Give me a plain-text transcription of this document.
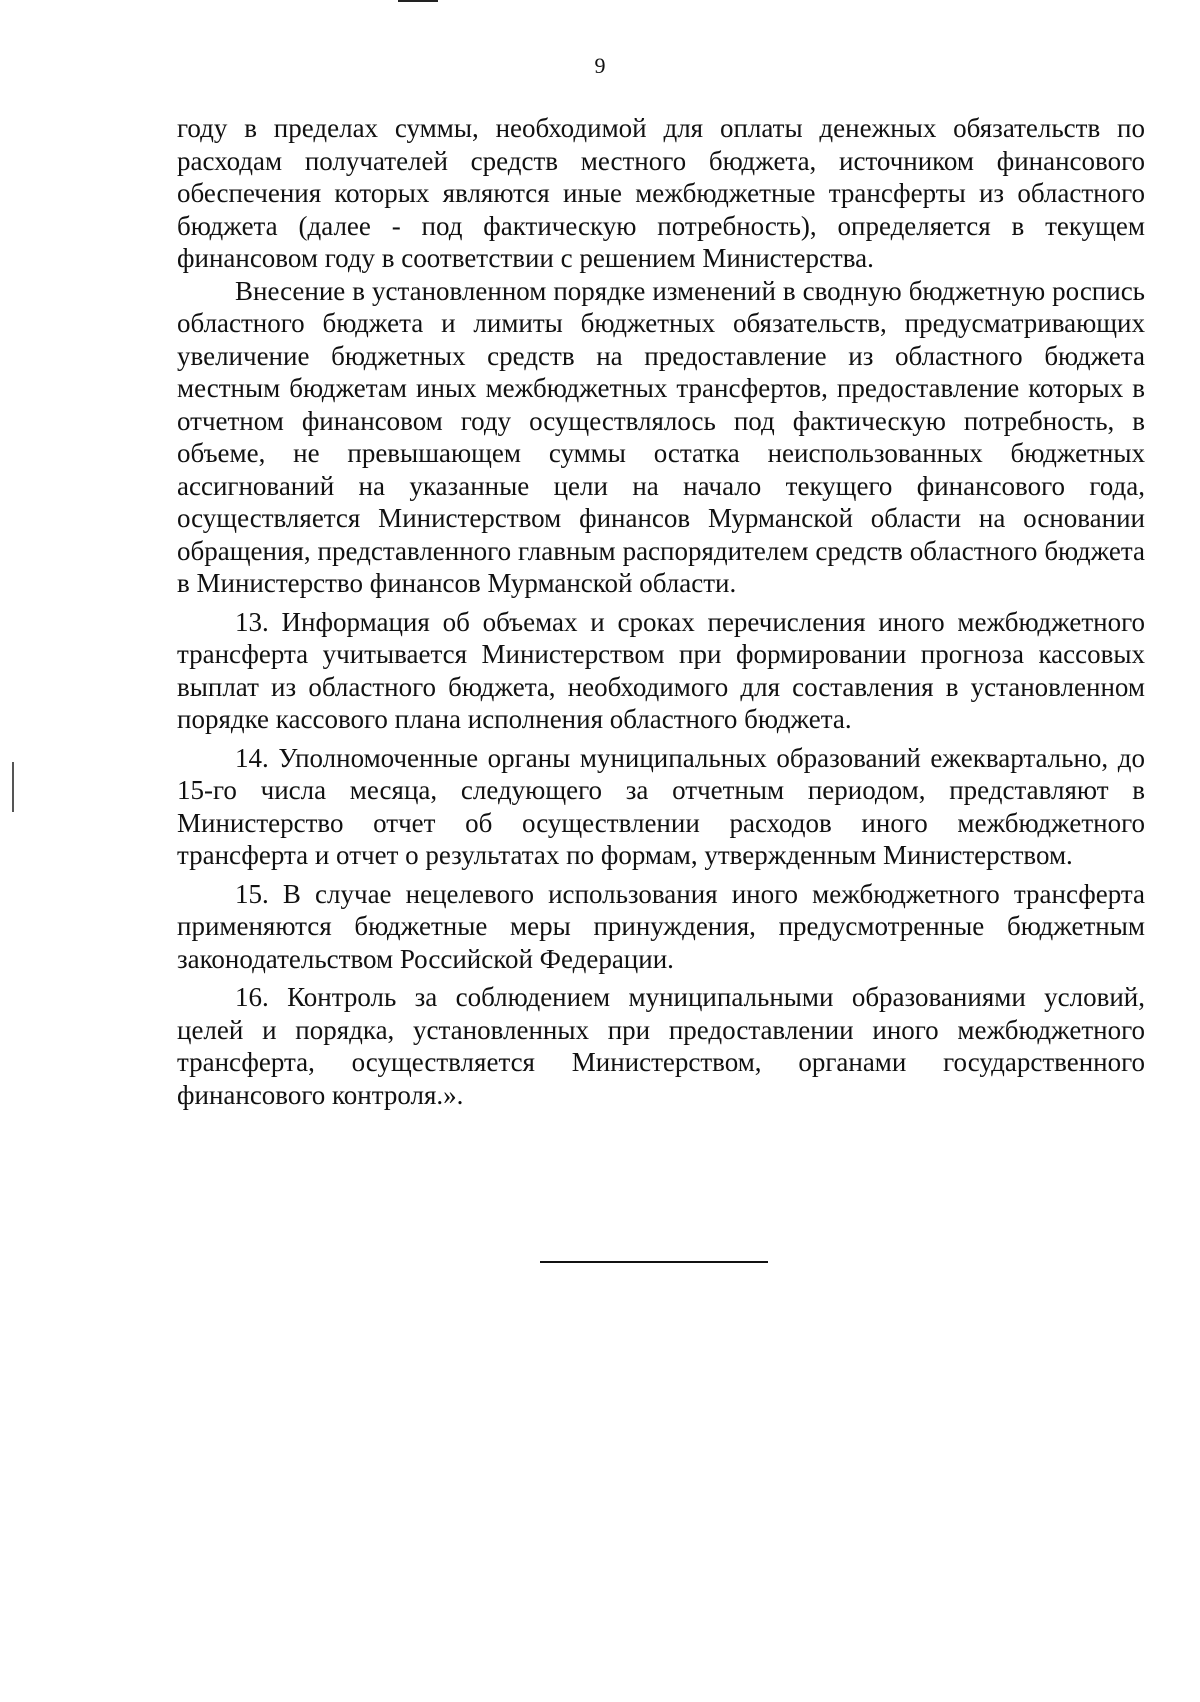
9

году в пределах суммы, необходимой для оплаты денежных обязательств по расходам получателей средств местного бюджета, источником финансового обеспечения которых являются иные межбюджетные трансферты из областного бюджета (далее - под фактическую потребность), определяется в текущем финансовом году в соответствии с решением Министерства.

Внесение в установленном порядке изменений в сводную бюджетную роспись областного бюджета и лимиты бюджетных обязательств, предусматривающих увеличение бюджетных средств на предоставление из областного бюджета местным бюджетам иных межбюджетных трансфертов, предоставление которых в отчетном финансовом году осуществлялось под фактическую потребность, в объеме, не превышающем суммы остатка неиспользованных бюджетных ассигнований на указанные цели на начало текущего финансового года, осуществляется Министерством финансов Мурманской области на основании обращения, представленного главным распорядителем средств областного бюджета в Министерство финансов Мурманской области.

13. Информация об объемах и сроках перечисления иного межбюджетного трансферта учитывается Министерством при формировании прогноза кассовых выплат из областного бюджета, необходимого для составления в установленном порядке кассового плана исполнения областного бюджета.

14. Уполномоченные органы муниципальных образований ежеквартально, до 15-го числа месяца, следующего за отчетным периодом, представляют в Министерство отчет об осуществлении расходов иного межбюджетного трансферта и отчет о результатах по формам, утвержденным Министерством.

15. В случае нецелевого использования иного межбюджетного трансферта применяются бюджетные меры принуждения, предусмотренные бюджетным законодательством Российской Федерации.

16. Контроль за соблюдением муниципальными образованиями условий, целей и порядка, установленных при предоставлении иного межбюджетного трансферта, осуществляется Министерством, органами государственного финансового контроля.».
